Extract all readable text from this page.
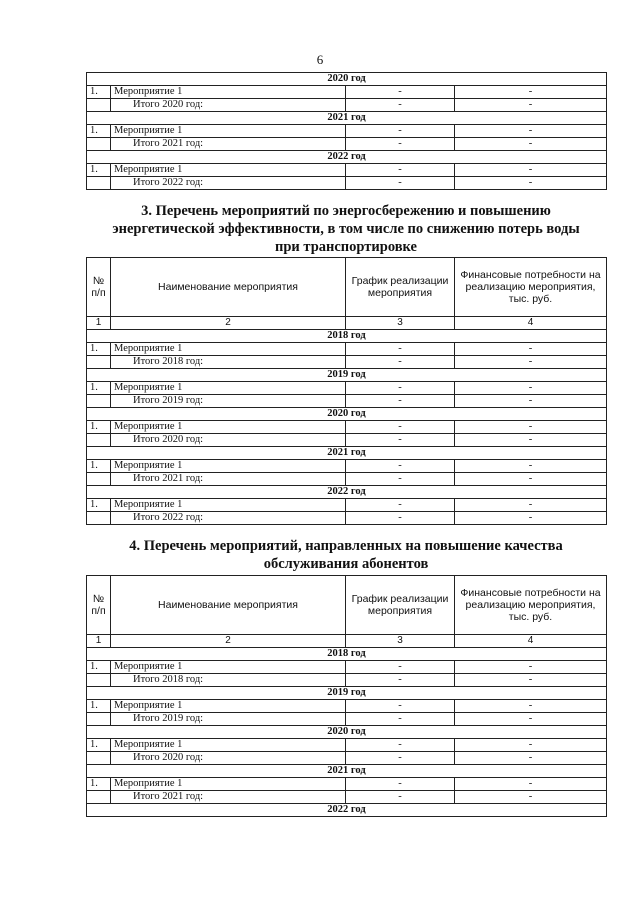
6
2020 год			
1.	Мероприятие 1	-	-
	Итого 2020 год:	-	-
2021 год			
1.	Мероприятие 1	-	-
	Итого 2021 год:	-	-
2022 год			
1.	Мероприятие 1	-	-
	Итого 2022 год:	-	-
3. Перечень мероприятий по энергосбережению и повышению
энергетической эффективности, в том числе по снижению потерь воды
при транспортировке
№ п/п	Наименование мероприятия	График реализации мероприятия	Финансовые потребности на реализацию мероприятия, тыс. руб.
1	2	3	4
2018 год			
1.	Мероприятие 1	-	-
	Итого 2018 год:	-	-
2019 год			
1.	Мероприятие 1	-	-
	Итого 2019 год:	-	-
2020 год			
1.	Мероприятие 1	-	-
	Итого 2020 год:	-	-
2021 год			
1.	Мероприятие 1	-	-
	Итого 2021 год:	-	-
2022 год			
1.	Мероприятие 1	-	-
	Итого 2022 год:	-	-
4. Перечень мероприятий, направленных на повышение качества
обслуживания абонентов
№ п/п	Наименование мероприятия	График реализации мероприятия	Финансовые потребности на реализацию мероприятия, тыс. руб.
1	2	3	4
2018 год			
1.	Мероприятие 1	-	-
	Итого 2018 год:	-	-
2019 год			
1.	Мероприятие 1	-	-
	Итого 2019 год:	-	-
2020 год			
1.	Мероприятие 1	-	-
	Итого 2020 год:	-	-
2021 год			
1.	Мероприятие 1	-	-
	Итого 2021 год:	-	-
2022 год			
